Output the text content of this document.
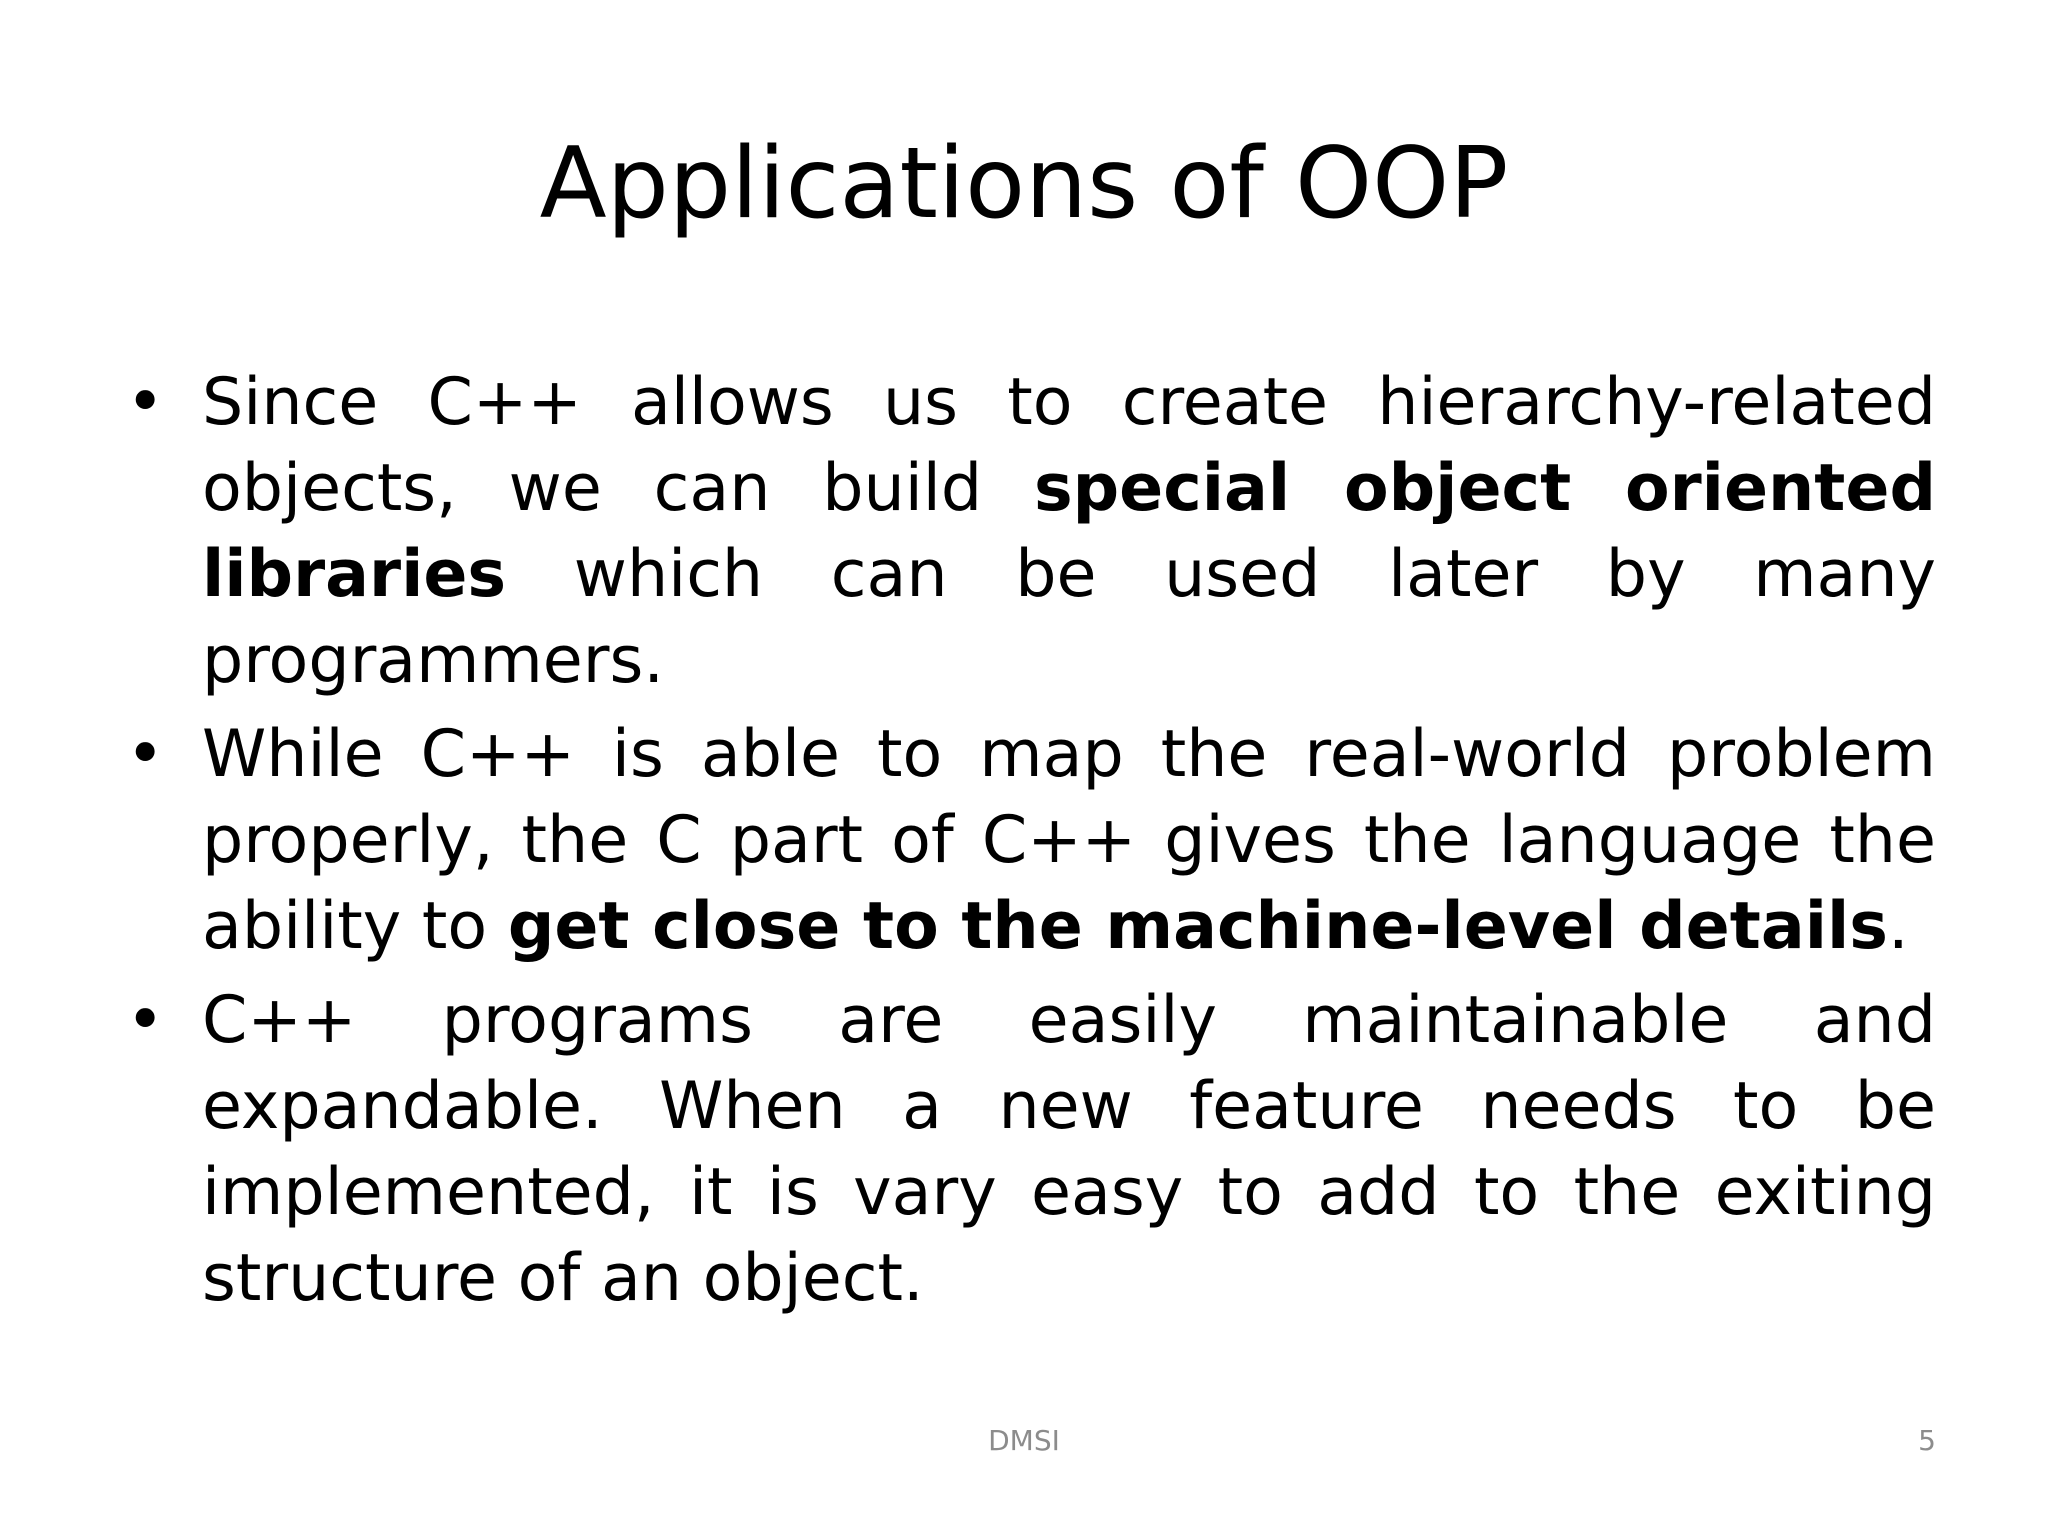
Applications of OOP
• Since C++ allows us to create hierarchy-related objects, we can build special object oriented libraries which can be used later by many programmers.
• While C++ is able to map the real-world problem properly, the C part of C++ gives the language the ability to get close to the machine-level details.
• C++ programs are easily maintainable and expandable. When a new feature needs to be implemented, it is vary easy to add to the exiting structure of an object.
DMSI	5
